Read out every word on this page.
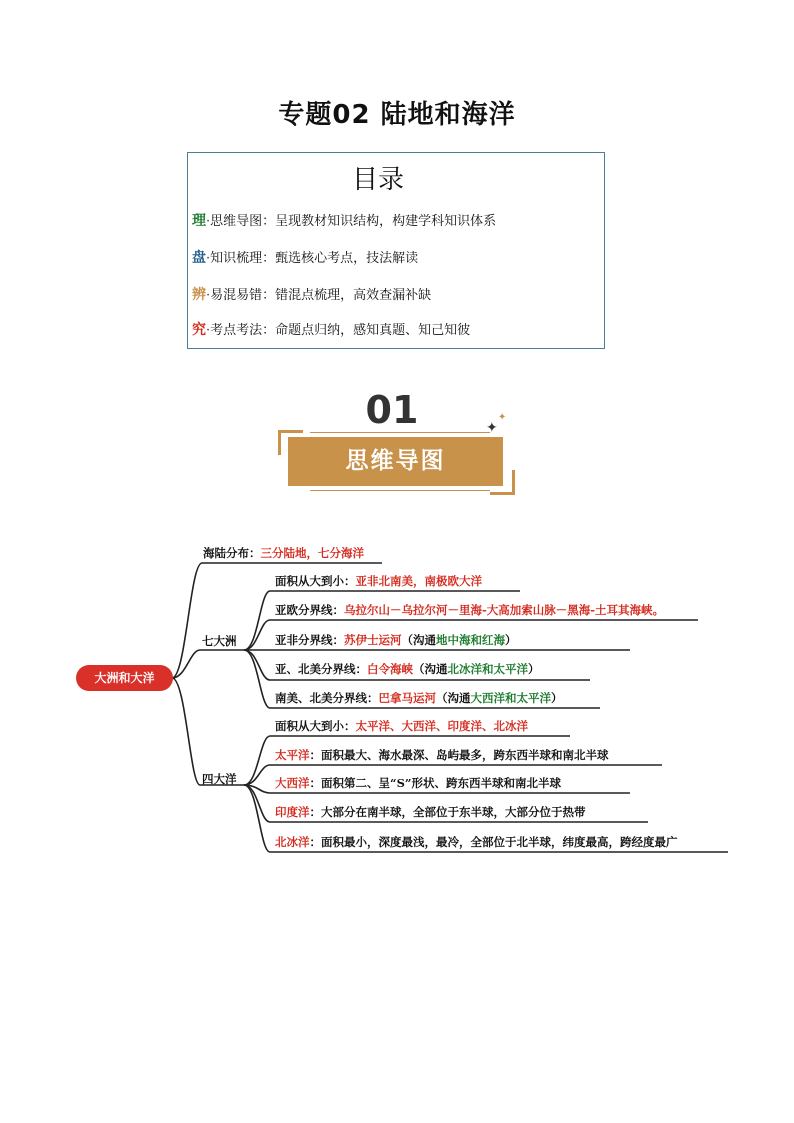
专题02 陆地和海洋
目录
理·思维导图：呈现教材知识结构，构建学科知识体系
盘·知识梳理：甄选核心考点，技法解读
辨·易混易错：错混点梳理，高效查漏补缺
究·考点考法：命题点归纳，感知真题、知己知彼
01
思维导图
✦
✦
大洲和大洋
海陆分布：三分陆地，七分海洋
七大洲
四大洋
面积从大到小：亚非北南美，南极欧大洋
亚欧分界线：乌拉尔山－乌拉尔河－里海-大高加索山脉－黑海-土耳其海峡。
亚非分界线：苏伊士运河（沟通地中海和红海）
亚、北美分界线：白令海峡（沟通北冰洋和太平洋）
南美、北美分界线：巴拿马运河（沟通大西洋和太平洋）
面积从大到小：太平洋、大西洋、印度洋、北冰洋
太平洋：面积最大、海水最深、岛屿最多，跨东西半球和南北半球
大西洋：面积第二、呈“S”形状、跨东西半球和南北半球
印度洋：大部分在南半球，全部位于东半球，大部分位于热带
北冰洋：面积最小，深度最浅，最冷，全部位于北半球，纬度最高，跨经度最广
